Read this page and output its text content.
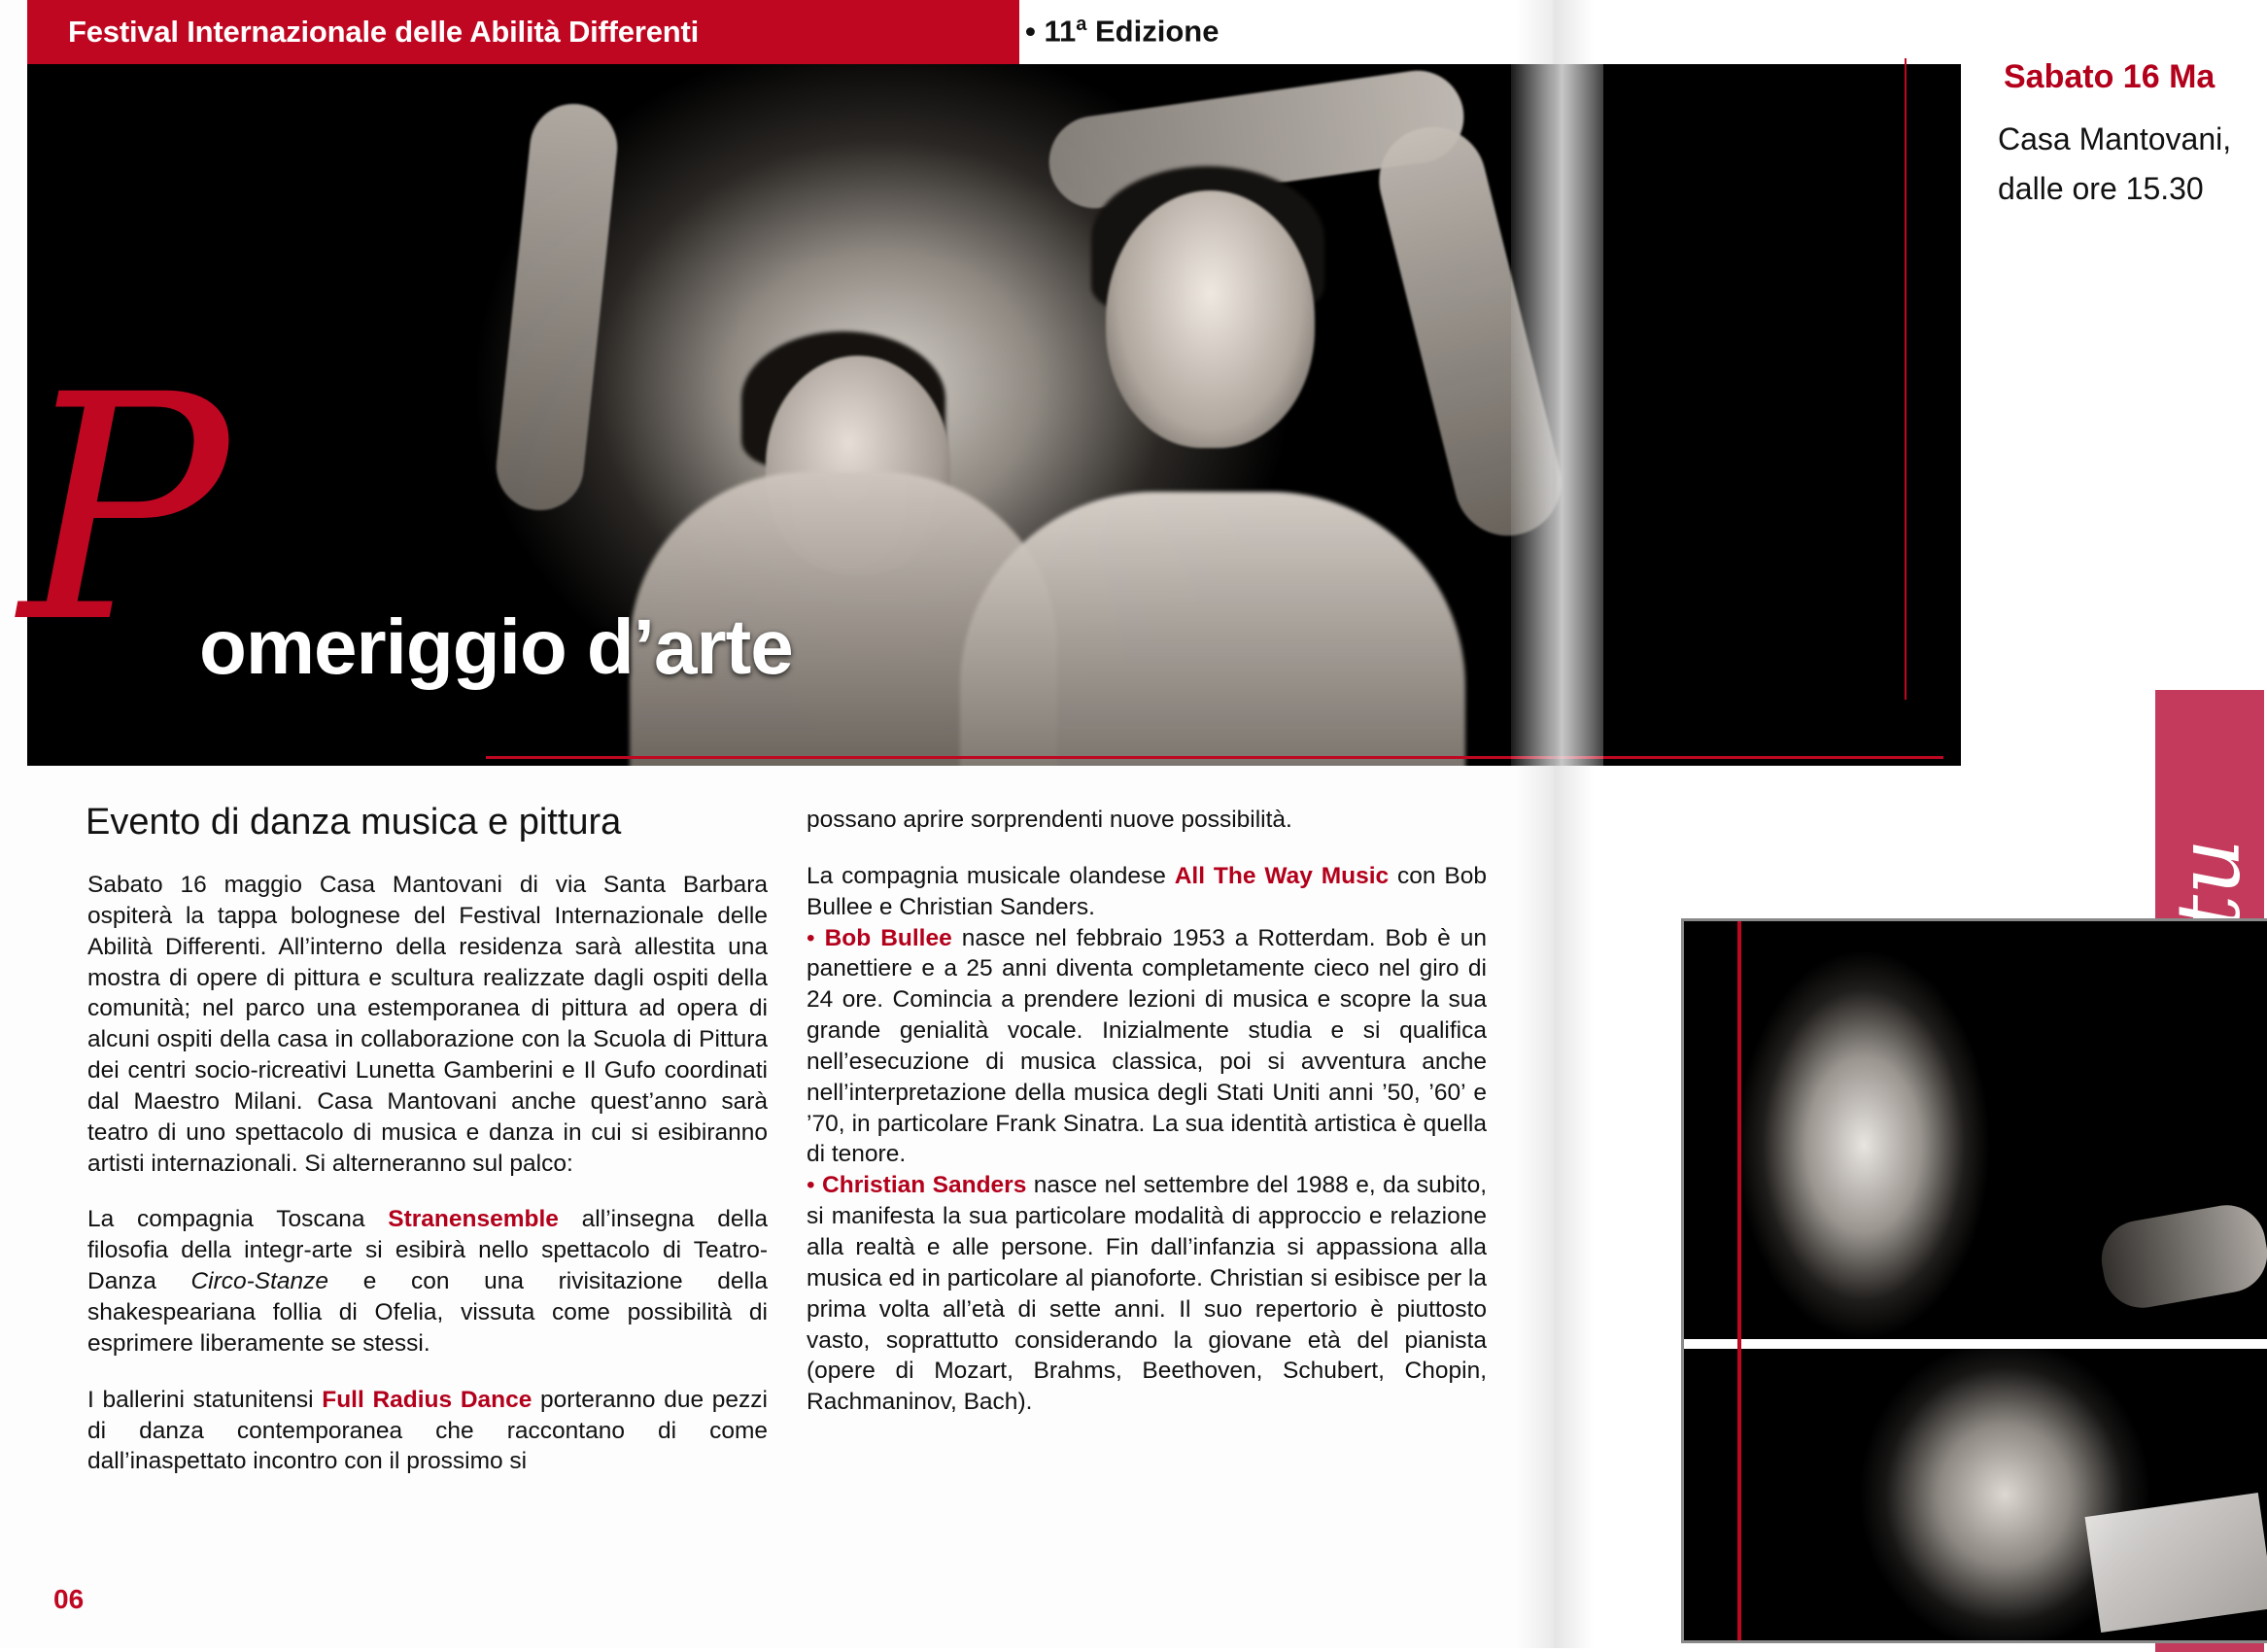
Festival Internazionale delle Abilità Differenti	• 11$^a$ Edizione
P
omeriggio d’arte
Sabato 16 Ma
Casa Mantovani,
dalle ore 15.30
Evento di danza musica e pittura

Sabato 16 maggio Casa Mantovani di via Santa Barbara ospiterà la tappa bolognese del Festival Internazionale delle Abilità Differenti. All’interno della residenza sarà allestita una mostra di opere di pittura e scultura realizzate dagli ospiti della comunità; nel parco una estemporanea di pittura ad opera di alcuni ospiti della casa in collaborazione con la Scuola di Pittura dei centri socio-ricreativi Lunetta Gamberini e Il Gufo coordinati dal Maestro Milani. Casa Mantovani anche quest’anno sarà teatro di uno spettacolo di musica e danza in cui si esibiranno artisti internazionali. Si alterneranno sul palco:

La compagnia Toscana Stranensemble all’insegna della filosofia della integr-arte si esibirà nello spettacolo di Teatro-Danza Circo-Stanze e con una rivisitazione della shakespeariana follia di Ofelia, vissuta come possibilità di esprimere liberamente se stessi.

I ballerini statunitensi Full Radius Dance porteranno due pezzi di danza contemporanea che raccontano di come dall’inaspettato incontro con il prossimo si

possano aprire sorprendenti nuove possibilità.

La compagnia musicale olandese All The Way Music con Bob Bullee e Christian Sanders.

• Bob Bullee nasce nel febbraio 1953 a Rotterdam. Bob è un panettiere e a 25 anni diventa completamente cieco nel giro di 24 ore. Comincia a prendere lezioni di musica e scopre la sua grande genialità vocale. Inizialmente studia e si qualifica nell’esecuzione di musica classica, poi si avventura anche nell’interpretazione della musica degli Stati Uniti anni ’50, ’60’ e ’70, in particolare Frank Sinatra. La sua identità artistica è quella di tenore.

• Christian Sanders nasce nel settembre del 1988 e, da subito, si manifesta la sua particolare modalità di approccio e relazione alla realtà e alle persone. Fin dall’infanzia si appassiona alla musica ed in particolare al pianoforte. Christian si esibisce per la prima volta all’età di sette anni. Il suo repertorio è piuttosto vasto, soprattutto considerando la giovane età del pianista (opere di Mozart, Brahms, Beethoven, Schubert, Chopin, Rachmaninov, Bach).

06
